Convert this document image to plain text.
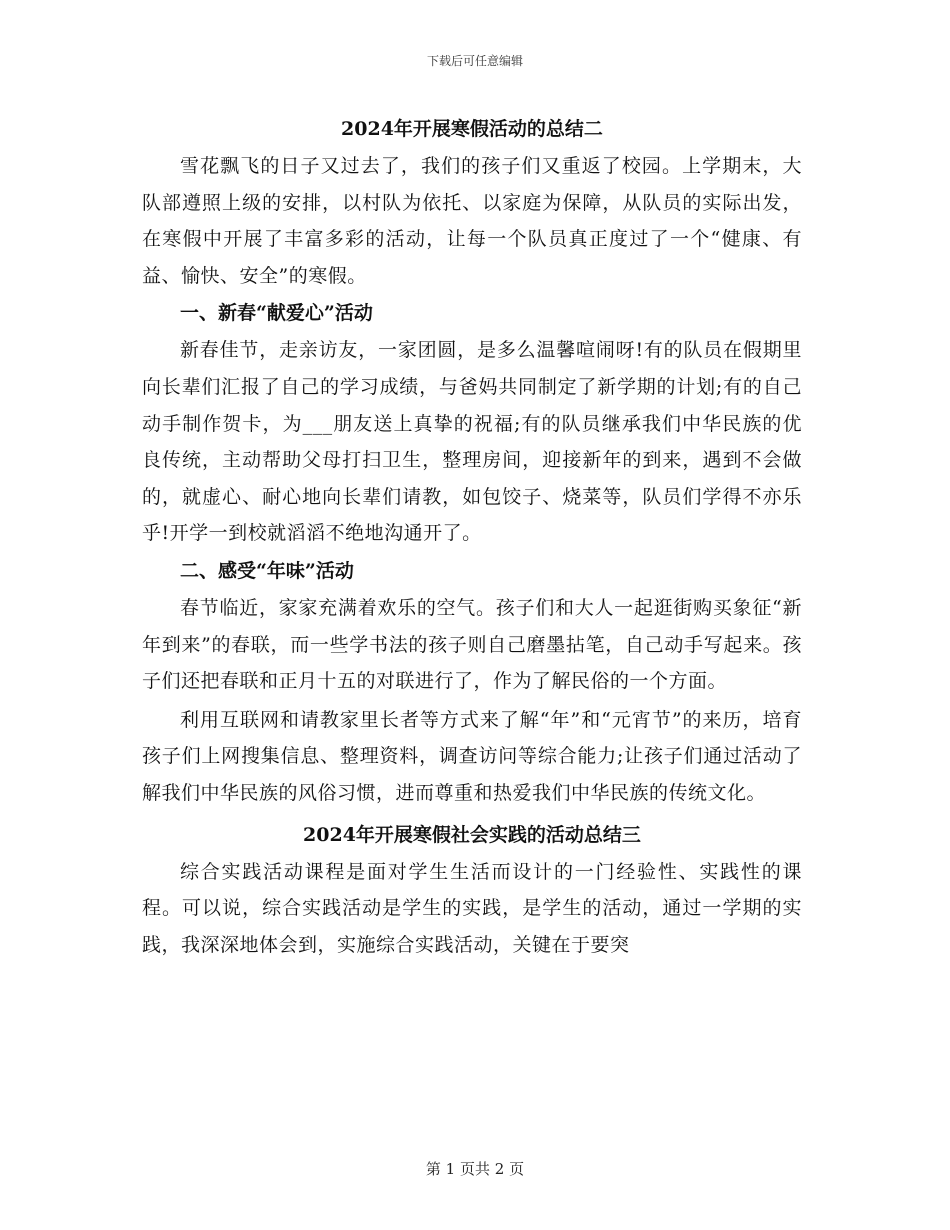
下载后可任意编辑

2024年开展寒假活动的总结二

雪花飘飞的日子又过去了，我们的孩子们又重返了校园。上学期末，大队部遵照上级的安排，以村队为依托、以家庭为保障，从队员的实际出发，在寒假中开展了丰富多彩的活动，让每一个队员真正度过了一个“健康、有益、愉快、安全”的寒假。

一、新春“献爱心”活动

新春佳节，走亲访友，一家团圆，是多么温馨喧闹呀!有的队员在假期里向长辈们汇报了自己的学习成绩，与爸妈共同制定了新学期的计划;有的自己动手制作贺卡，为___朋友送上真挚的祝福;有的队员继承我们中华民族的优良传统，主动帮助父母打扫卫生，整理房间，迎接新年的到来，遇到不会做的，就虚心、耐心地向长辈们请教，如包饺子、烧菜等，队员们学得不亦乐乎!开学一到校就滔滔不绝地沟通开了。

二、感受“年味”活动

春节临近，家家充满着欢乐的空气。孩子们和大人一起逛街购买象征“新年到来”的春联，而一些学书法的孩子则自己磨墨拈笔，自己动手写起来。孩子们还把春联和正月十五的对联进行了，作为了解民俗的一个方面。

利用互联网和请教家里长者等方式来了解“年”和“元宵节”的来历，培育孩子们上网搜集信息、整理资料，调查访问等综合能力;让孩子们通过活动了解我们中华民族的风俗习惯，进而尊重和热爱我们中华民族的传统文化。

2024年开展寒假社会实践的活动总结三

综合实践活动课程是面对学生生活而设计的一门经验性、实践性的课程。可以说，综合实践活动是学生的实践，是学生的活动，通过一学期的实践，我深深地体会到，实施综合实践活动，关键在于要突

第 1 页共 2 页
